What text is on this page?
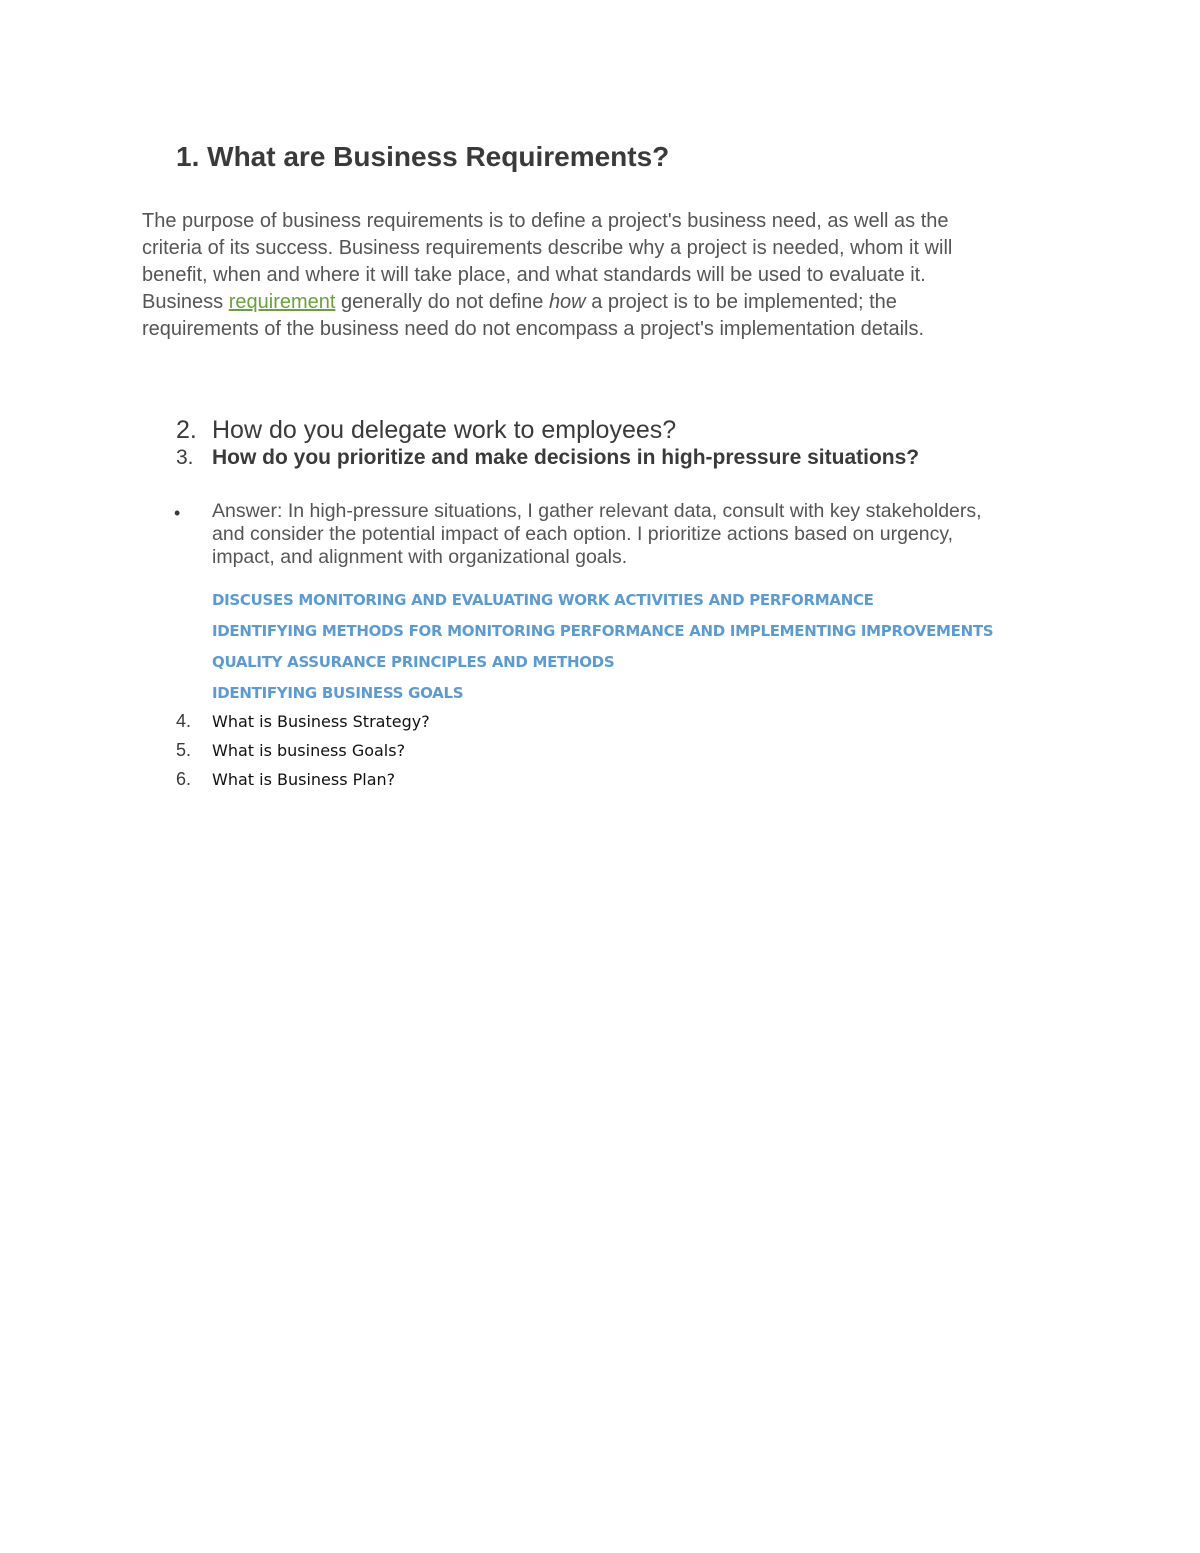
1. What are Business Requirements?
The purpose of business requirements is to define a project's business need, as well as the
criteria of its success. Business requirements describe why a project is needed, whom it will
benefit, when and where it will take place, and what standards will be used to evaluate it.
Business requirement generally do not define how a project is to be implemented; the
requirements of the business need do not encompass a project's implementation details.
2. How do you delegate work to employees?
3. How do you prioritize and make decisions in high-pressure situations?
• Answer: In high-pressure situations, I gather relevant data, consult with key stakeholders,
and consider the potential impact of each option. I prioritize actions based on urgency,
impact, and alignment with organizational goals.
DISCUSES MONITORING AND EVALUATING WORK ACTIVITIES AND PERFORMANCE
IDENTIFYING METHODS FOR MONITORING PERFORMANCE AND IMPLEMENTING IMPROVEMENTS
QUALITY ASSURANCE PRINCIPLES AND METHODS
IDENTIFYING BUSINESS GOALS
4. What is Business Strategy?
5. What is business Goals?
6. What is Business Plan?
